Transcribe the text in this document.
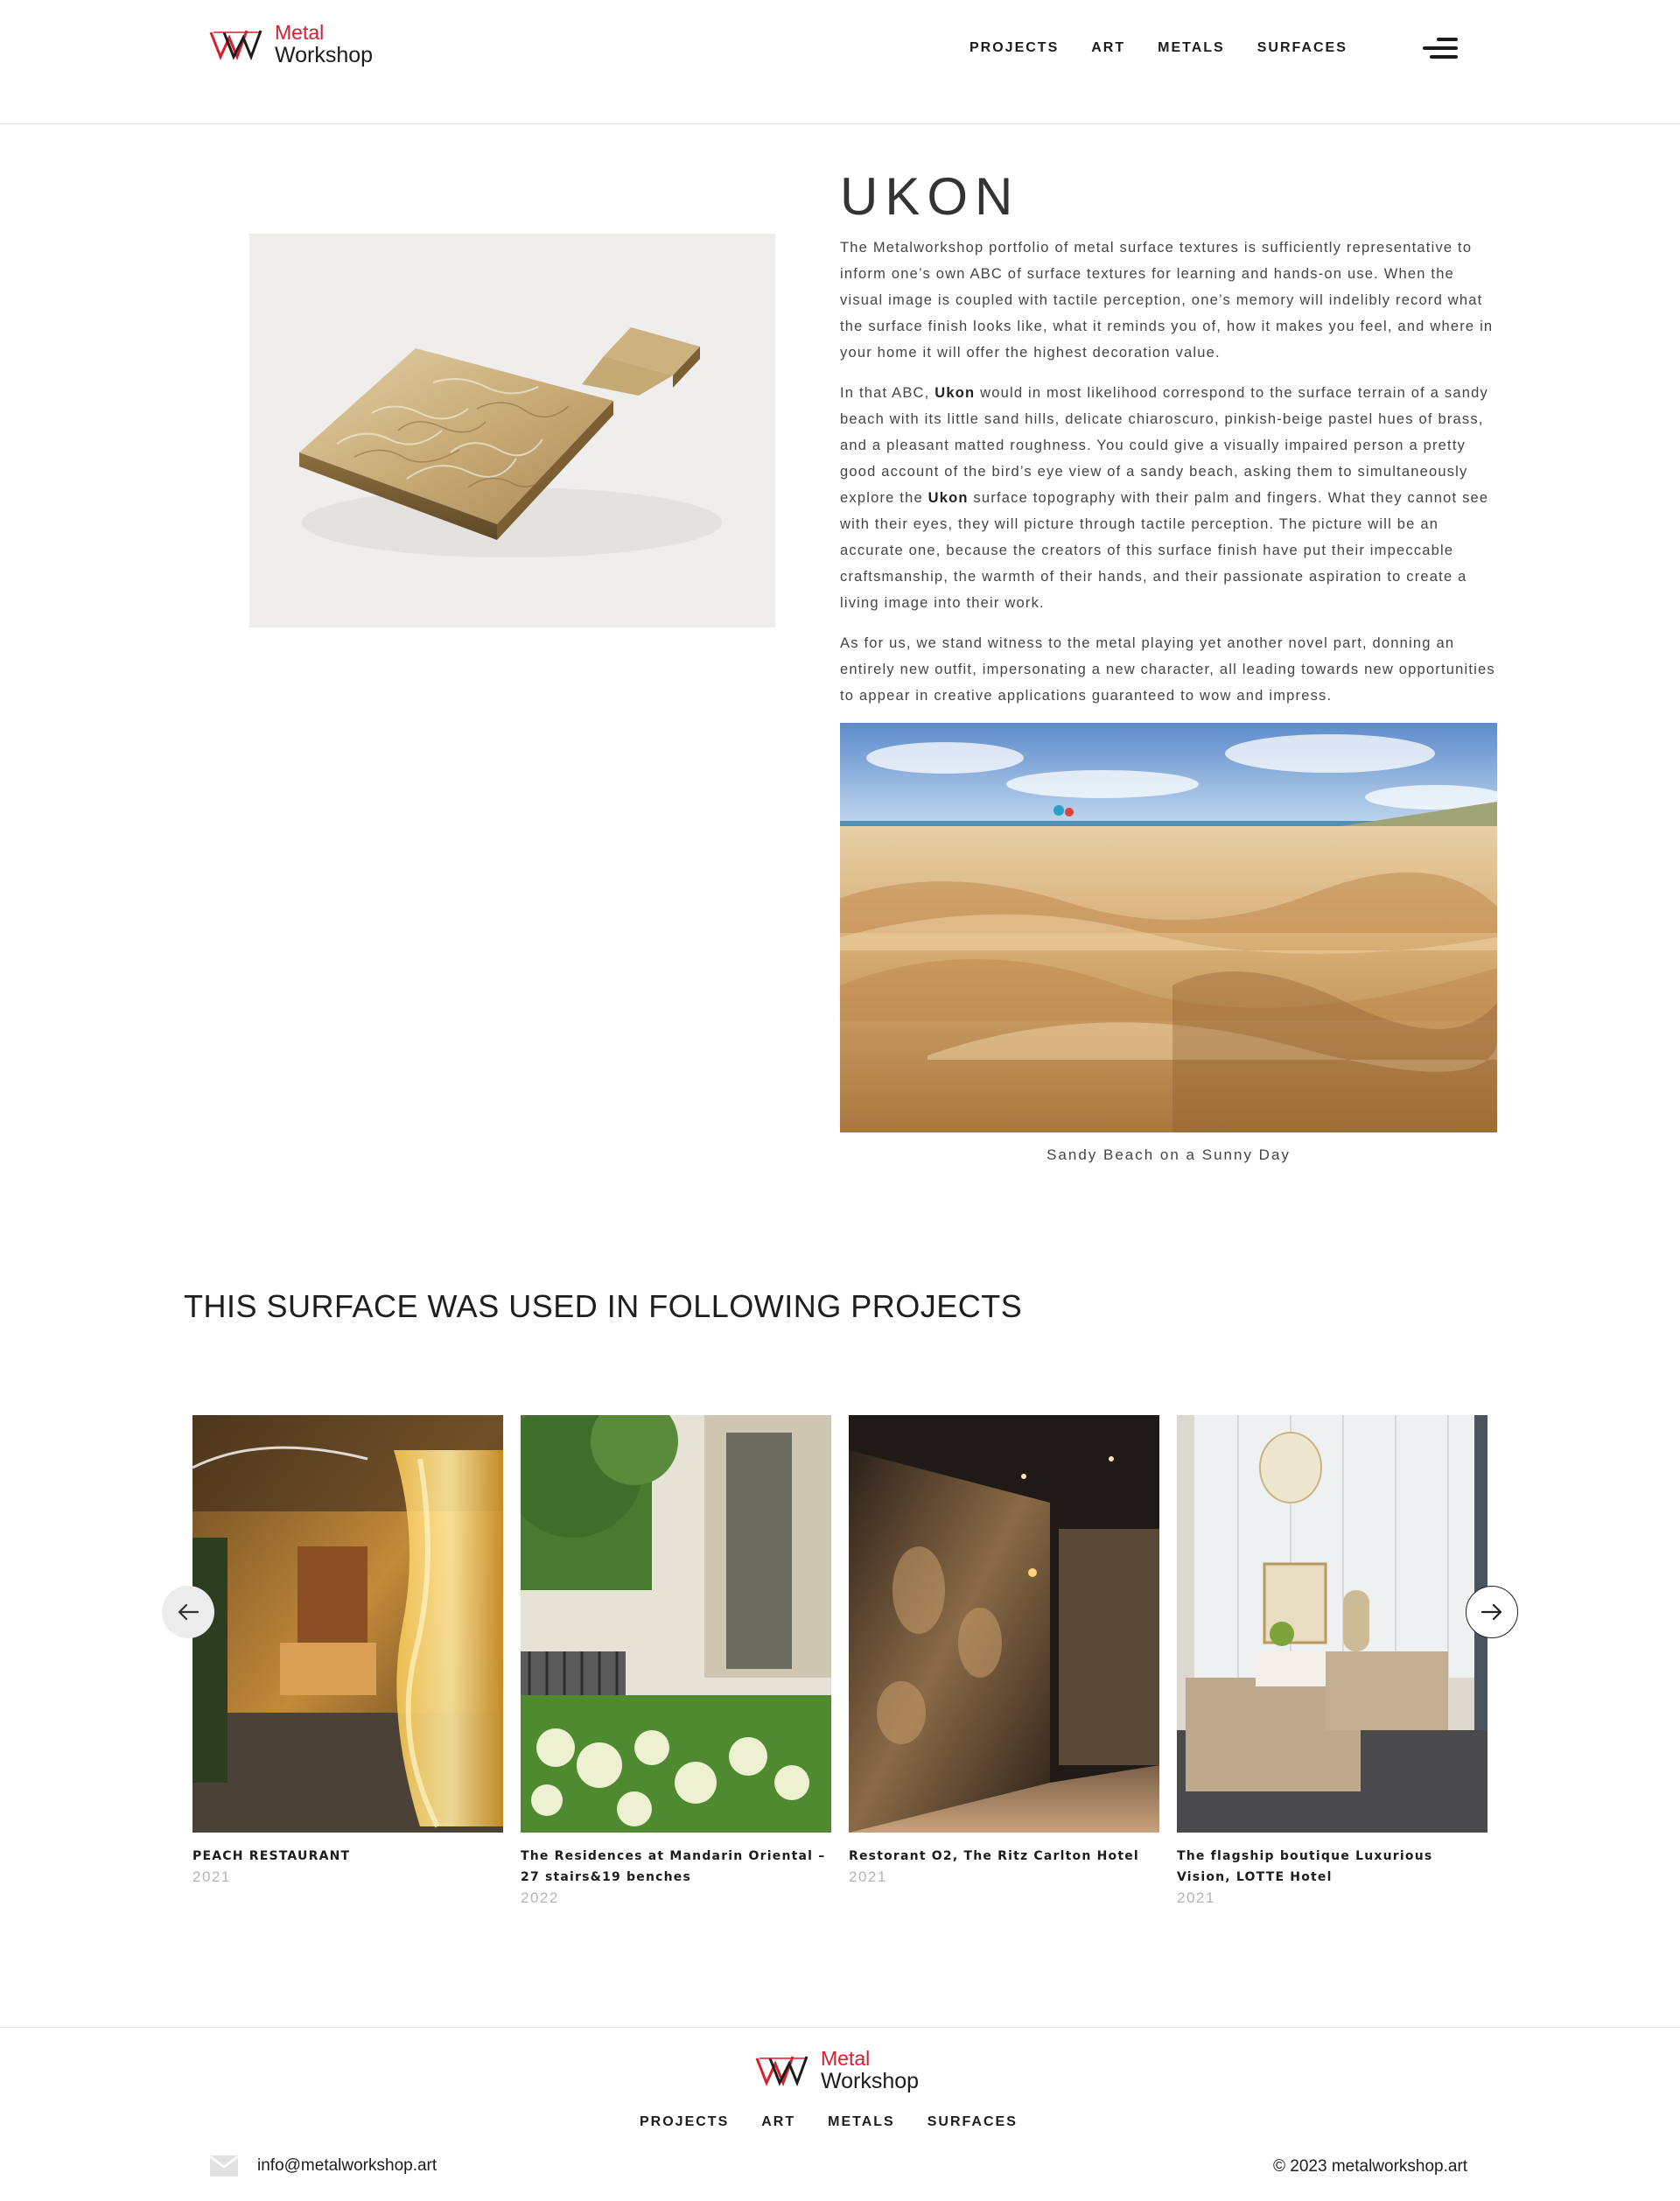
Metal
Workshop	PROJECTS ART METALS SURFACES
UKON

The Metalworkshop portfolio of metal surface textures is sufficiently representative to inform one’s own ABC of surface textures for learning and hands-on use. When the visual image is coupled with tactile perception, one’s memory will indelibly record what the surface finish looks like, what it reminds you of, how it makes you feel, and where in your home it will offer the highest decoration value.

In that ABC, Ukon would in most likelihood correspond to the surface terrain of a sandy beach with its little sand hills, delicate chiaroscuro, pinkish-beige pastel hues of brass, and a pleasant matted roughness. You could give a visually impaired person a pretty good account of the bird’s eye view of a sandy beach, asking them to simultaneously explore the Ukon surface topography with their palm and fingers. What they cannot see with their eyes, they will picture through tactile perception. The picture will be an accurate one, because the creators of this surface finish have put their impeccable craftsmanship, the warmth of their hands, and their passionate aspiration to create a living image into their work.

As for us, we stand witness to the metal playing yet another novel part, donning an entirely new outfit, impersonating a new character, all leading towards new opportunities to appear in creative applications guaranteed to wow and impress.

Sandy Beach on a Sunny Day
THIS SURFACE WAS USED IN FOLLOWING PROJECTS
PEACH RESTAURANT
2021
The Residences at Mandarin Oriental – 27 stairs&19 benches
2022
Restorant O2, The Ritz Carlton Hotel
2021
The flagship boutique Luxurious Vision, LOTTE Hotel
2021
Metal
Workshop
PROJECTS ART METALS SURFACES
info@metalworkshop.art	© 2023 metalworkshop.art
